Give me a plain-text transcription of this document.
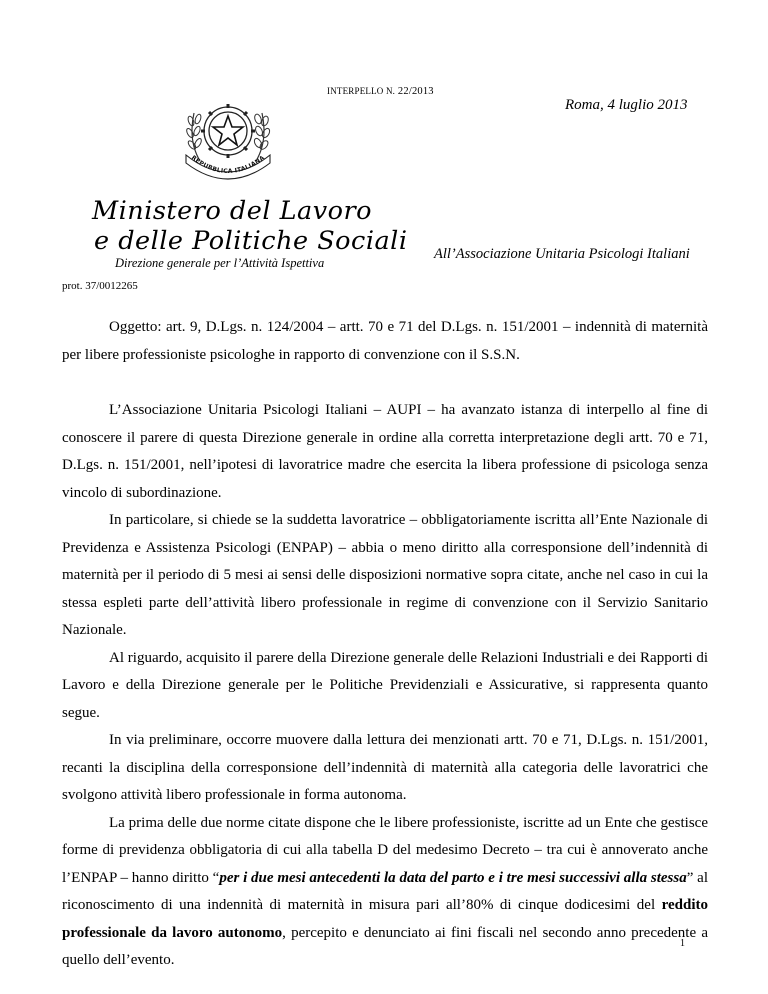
INTERPELLO N. 22/2013
Roma, 4 luglio 2013
REPUBBLICA ITALIANA
Ministero del Lavoro
e delle Politiche Sociali
Direzione generale per l’Attività Ispettiva
All’Associazione Unitaria Psicologi Italiani
prot. 37/0012265

Oggetto: art. 9, D.Lgs. n. 124/2004 – artt. 70 e 71 del D.Lgs. n. 151/2001 – indennità di maternità per libere professioniste psicologhe in rapporto di convenzione con il S.S.N.

L’Associazione Unitaria Psicologi Italiani – AUPI – ha avanzato istanza di interpello al fine di conoscere il parere di questa Direzione generale in ordine alla corretta interpretazione degli artt. 70 e 71, D.Lgs. n. 151/2001, nell’ipotesi di lavoratrice madre che esercita la libera professione di psicologa senza vincolo di subordinazione.

In particolare, si chiede se la suddetta lavoratrice – obbligatoriamente iscritta all’Ente Nazionale di Previdenza e Assistenza Psicologi (ENPAP) – abbia o meno diritto alla corresponsione dell’indennità di maternità per il periodo di 5 mesi ai sensi delle disposizioni normative sopra citate, anche nel caso in cui la stessa espleti parte dell’attività libero professionale in regime di convenzione con il Servizio Sanitario Nazionale.

Al riguardo, acquisito il parere della Direzione generale delle Relazioni Industriali e dei Rapporti di Lavoro e della Direzione generale per le Politiche Previdenziali e Assicurative, si rappresenta quanto segue.

In via preliminare, occorre muovere dalla lettura dei menzionati artt. 70 e 71, D.Lgs. n. 151/2001, recanti la disciplina della corresponsione dell’indennità di maternità alla categoria delle lavoratrici che svolgono attività libero professionale in forma autonoma.

La prima delle due norme citate dispone che le libere professioniste, iscritte ad un Ente che gestisce forme di previdenza obbligatoria di cui alla tabella D del medesimo Decreto – tra cui è annoverato anche l’ENPAP – hanno diritto “per i due mesi antecedenti la data del parto e i tre mesi successivi alla stessa” al riconoscimento di una indennità di maternità in misura pari all’80% di cinque dodicesimi del reddito professionale da lavoro autonomo, percepito e denunciato ai fini fiscali nel secondo anno precedente a quello dell’evento.

1
